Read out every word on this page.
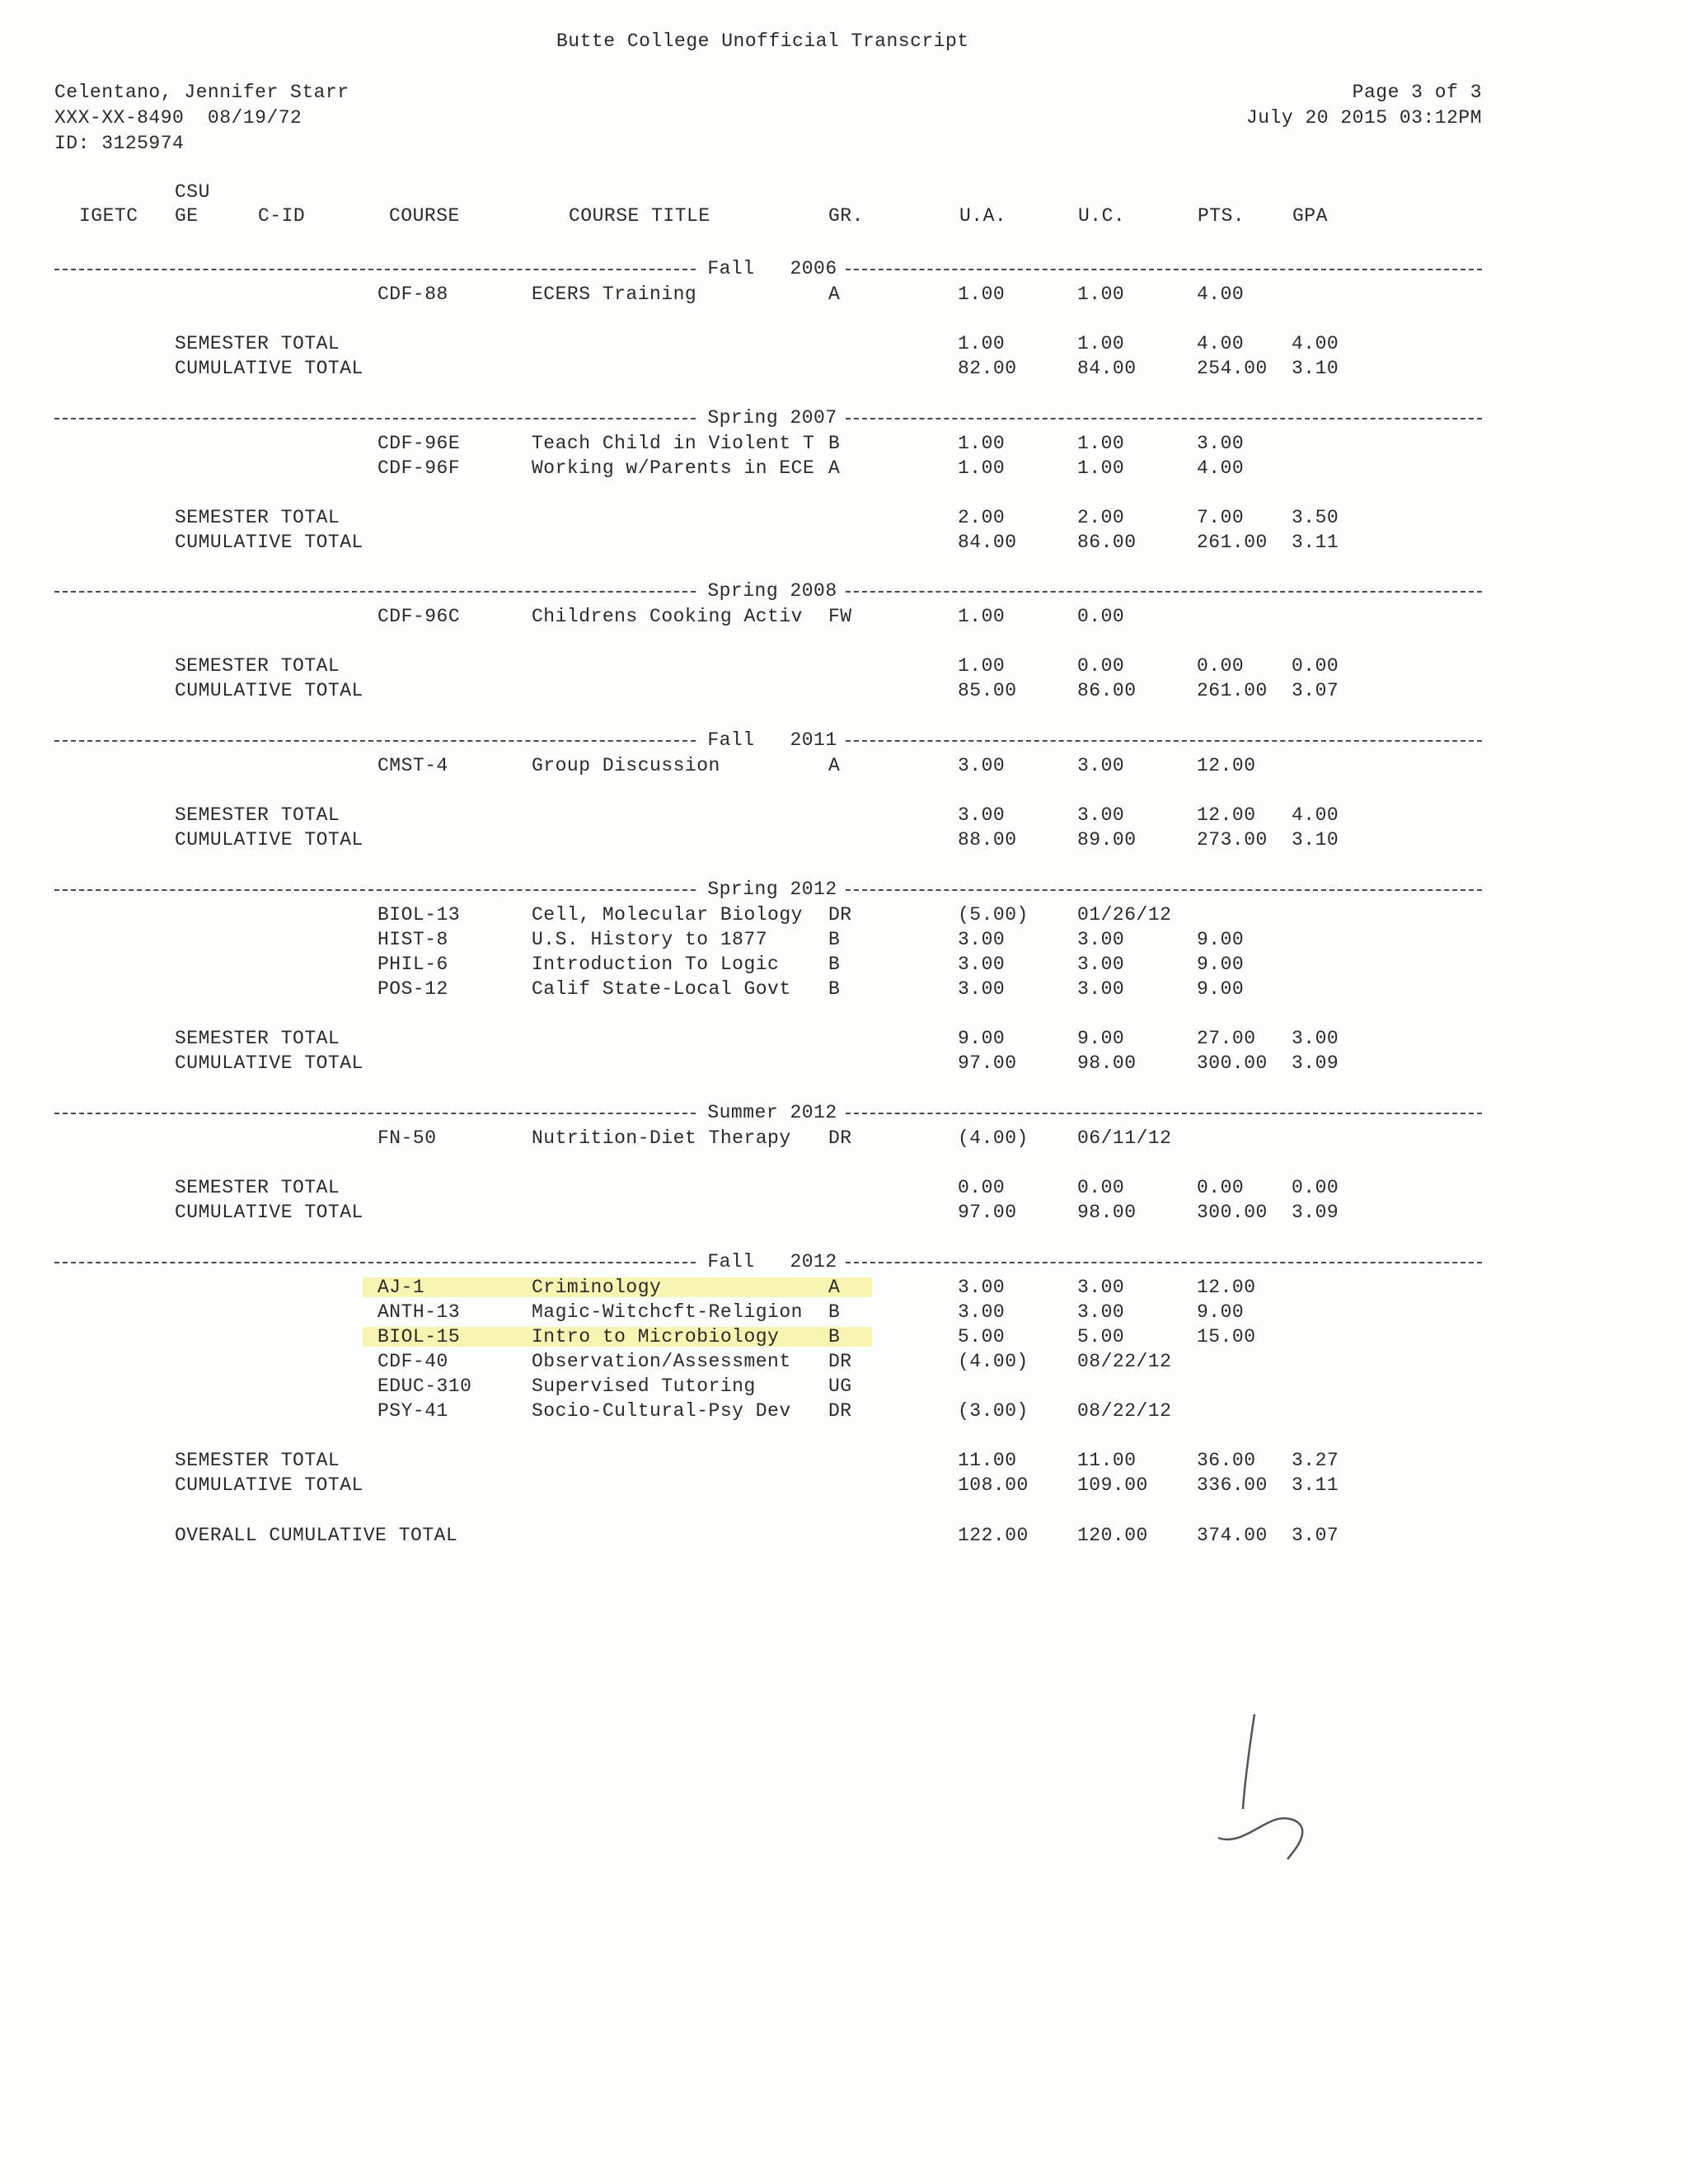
Butte College Unofficial Transcript
Celentano, Jennifer Starr
XXX-XX-8490  08/19/72
ID: 3125974
Page 3 of 3
July 20 2015 03:12PM
CSU
IGETC GE	C-ID	COURSE	COURSE TITLE	GR.	U.A.	U.C.	PTS.	GPA
Fall   2006
CDF-88	ECERS Training	A	1.00	1.00	4.00
SEMESTER TOTAL	1.00	1.00	4.00	4.00
CUMULATIVE TOTAL	82.00	84.00	254.00 3.10
Spring 2007
CDF-96E	Teach Child in Violent T B	1.00	1.00	3.00
CDF-96F	Working w/Parents in ECE A	1.00	1.00	4.00
SEMESTER TOTAL	2.00	2.00	7.00	3.50
CUMULATIVE TOTAL	84.00	86.00	261.00 3.11
Spring 2008
CDF-96C	Childrens Cooking Activ FW	1.00	0.00
SEMESTER TOTAL	1.00	0.00	0.00	0.00
CUMULATIVE TOTAL	85.00	86.00	261.00 3.07
Fall   2011
CMST-4	Group Discussion	A	3.00	3.00	12.00
SEMESTER TOTAL	3.00	3.00	12.00 4.00
CUMULATIVE TOTAL	88.00	89.00	273.00 3.10
Spring 2012
BIOL-13	Cell, Molecular Biology DR	(5.00)	01/26/12
HIST-8	U.S. History to 1877	B	3.00	3.00	9.00
PHIL-6	Introduction To Logic	B	3.00	3.00	9.00
POS-12	Calif State-Local Govt B	3.00	3.00	9.00
SEMESTER TOTAL	9.00	9.00	27.00 3.00
CUMULATIVE TOTAL	97.00	98.00	300.00 3.09
Summer 2012
FN-50	Nutrition-Diet Therapy DR	(4.00)	06/11/12
SEMESTER TOTAL	0.00	0.00	0.00	0.00
CUMULATIVE TOTAL	97.00	98.00	300.00 3.09
Fall   2012
AJ-1	Criminology	A	3.00	3.00	12.00
ANTH-13	Magic-Witchcft-Religion B	3.00	3.00	9.00
BIOL-15	Intro to Microbiology	B	5.00	5.00	15.00
CDF-40	Observation/Assessment DR	(4.00)	08/22/12
EDUC-310	Supervised Tutoring	UG
PSY-41	Socio-Cultural-Psy Dev DR	(3.00)	08/22/12
SEMESTER TOTAL	11.00	11.00	36.00 3.27
CUMULATIVE TOTAL	108.00	109.00	336.00 3.11
OVERALL CUMULATIVE TOTAL	122.00	120.00	374.00 3.07
